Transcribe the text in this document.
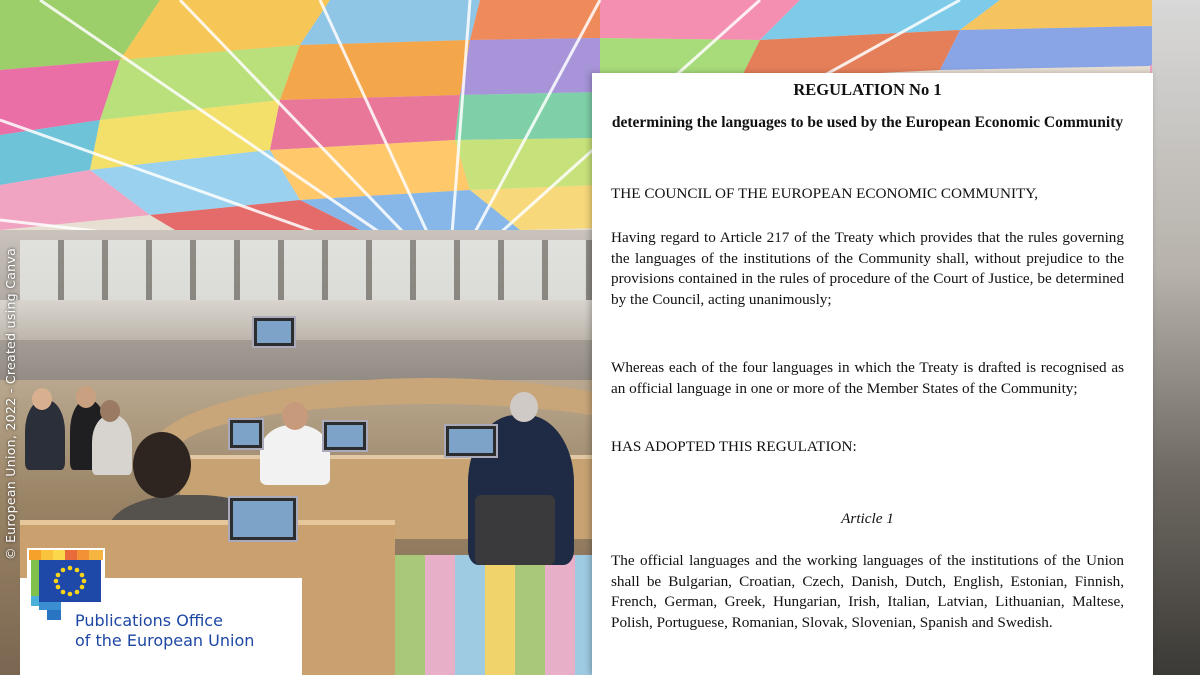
© European Union, 2022 - Created using Canva
Publications Office
of the European Union
REGULATION No 1
determining the languages to be used by the European Economic Community

THE COUNCIL OF THE EUROPEAN ECONOMIC COMMUNITY,

Having regard to Article 217 of the Treaty which provides that the rules governing the languages of the institutions of the Community shall, without prejudice to the provisions contained in the rules of procedure of the Court of Justice, be determined by the Council, acting unanimously;

Whereas each of the four languages in which the Treaty is drafted is recognised as an official language in one or more of the Member States of the Community;

HAS ADOPTED THIS REGULATION:

Article 1

The official languages and the working languages of the institutions of the Union shall be Bulgarian, Croatian, Czech, Danish, Dutch, English, Estonian, Finnish, French, German, Greek, Hungarian, Irish, Italian, Latvian, Lithuanian, Maltese, Polish, Portuguese, Romanian, Slovak, Slovenian, Spanish and Swedish.
